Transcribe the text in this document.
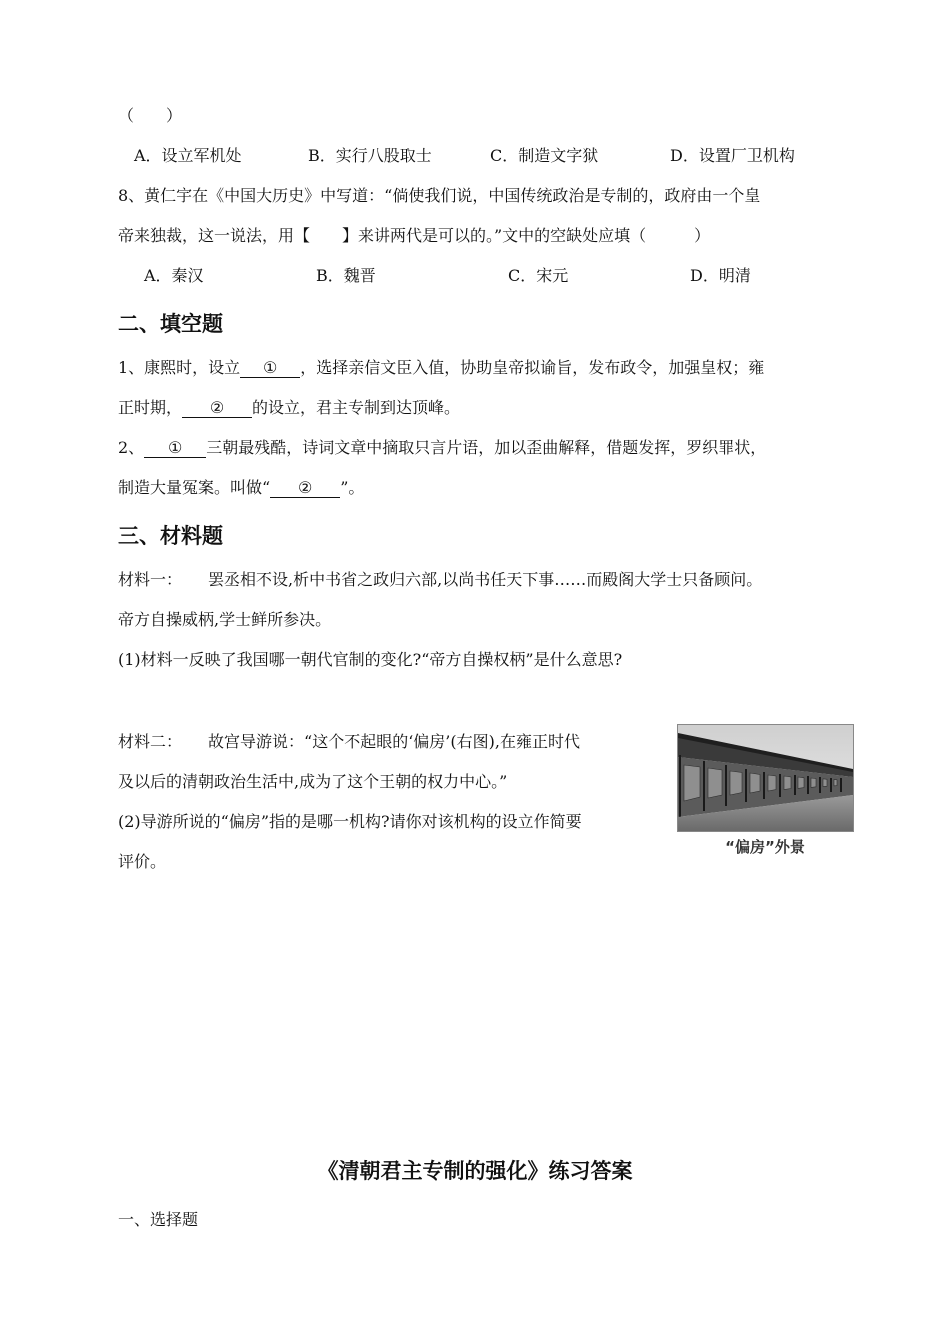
（　　）
A．设立军机处	B．实行八股取士	C．制造文字狱	D．设置厂卫机构
8、黄仁宇在《中国大历史》中写道：“倘使我们说，中国传统政治是专制的，政府由一个皇
帝来独裁，这一说法，用【　　】来讲两代是可以的。”文中的空缺处应填（　　　）
A．秦汉	B．魏晋	C．宋元	D．明清
二、填空题
1、康熙时，设立 ① ，选择亲信文臣入值，协助皇帝拟谕旨，发布政令，加强皇权；雍
正时期， ② 的设立，君主专制到达顶峰。
2、 ① 三朝最残酷，诗词文章中摘取只言片语，加以歪曲解释，借题发挥，罗织罪状，
制造大量冤案。叫做“ ② ”。
三、材料题
材料一： 罢丞相不设,析中书省之政归六部,以尚书任天下事……而殿阁大学士只备顾问。
帝方自操威柄,学士鲜所参决。
(1)材料一反映了我国哪一朝代官制的变化?“帝方自操权柄”是什么意思?
材料二： 故宫导游说：“这个不起眼的‘偏房’(右图),在雍正时代
及以后的清朝政治生活中,成为了这个王朝的权力中心。”
(2)导游所说的“偏房”指的是哪一机构?请你对该机构的设立作简要
评价。
“偏房”外景
《清朝君主专制的强化》练习答案
一、选择题
